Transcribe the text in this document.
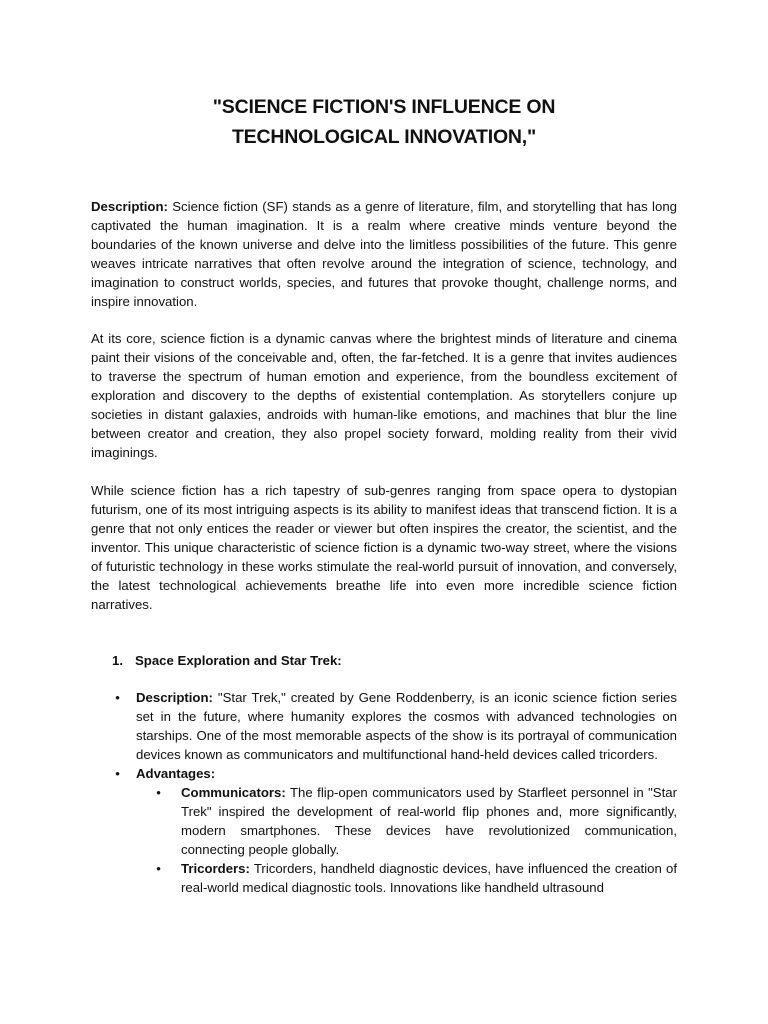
"SCIENCE FICTION'S INFLUENCE ON TECHNOLOGICAL INNOVATION,"

Description: Science fiction (SF) stands as a genre of literature, film, and storytelling that has long captivated the human imagination. It is a realm where creative minds venture beyond the boundaries of the known universe and delve into the limitless possibilities of the future. This genre weaves intricate narratives that often revolve around the integration of science, technology, and imagination to construct worlds, species, and futures that provoke thought, challenge norms, and inspire innovation.

At its core, science fiction is a dynamic canvas where the brightest minds of literature and cinema paint their visions of the conceivable and, often, the far-fetched. It is a genre that invites audiences to traverse the spectrum of human emotion and experience, from the boundless excitement of exploration and discovery to the depths of existential contemplation. As storytellers conjure up societies in distant galaxies, androids with human-like emotions, and machines that blur the line between creator and creation, they also propel society forward, molding reality from their vivid imaginings.

While science fiction has a rich tapestry of sub-genres ranging from space opera to dystopian futurism, one of its most intriguing aspects is its ability to manifest ideas that transcend fiction. It is a genre that not only entices the reader or viewer but often inspires the creator, the scientist, and the inventor. This unique characteristic of science fiction is a dynamic two-way street, where the visions of futuristic technology in these works stimulate the real-world pursuit of innovation, and conversely, the latest technological achievements breathe life into even more incredible science fiction narratives.

1. Space Exploration and Star Trek:
•	Description: "Star Trek," created by Gene Roddenberry, is an iconic science fiction series set in the future, where humanity explores the cosmos with advanced technologies on starships. One of the most memorable aspects of the show is its portrayal of communication devices known as communicators and multifunctional hand-held devices called tricorders.
•	Advantages:
•	Communicators: The flip-open communicators used by Starfleet personnel in "Star Trek" inspired the development of real-world flip phones and, more significantly, modern smartphones. These devices have revolutionized communication, connecting people globally.
•	Tricorders: Tricorders, handheld diagnostic devices, have influenced the creation of real-world medical diagnostic tools. Innovations like handheld ultrasound
